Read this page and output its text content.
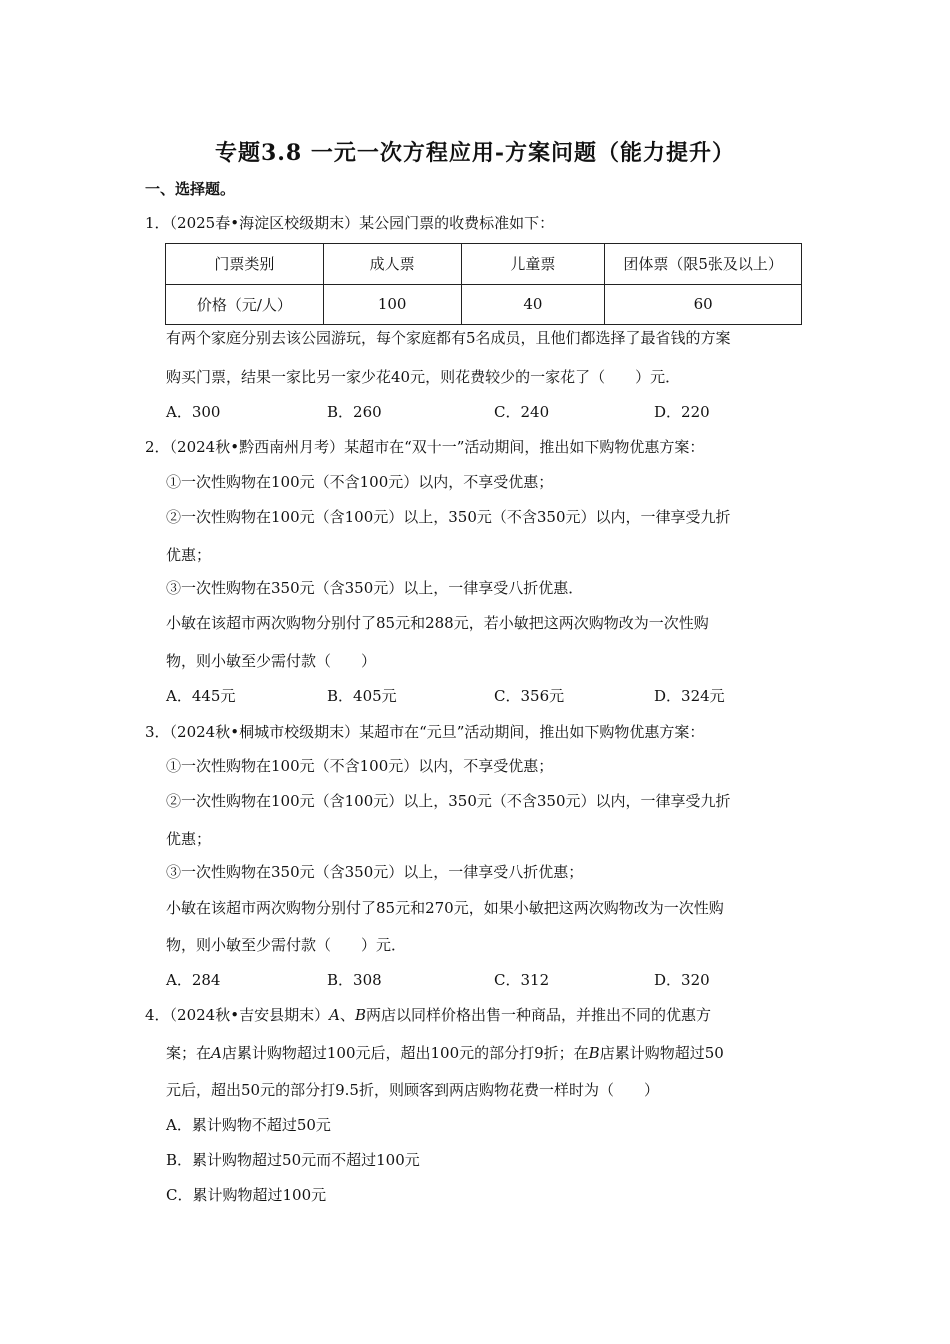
专题3.8 一元一次方程应用-方案问题（能力提升）
一、选择题。
1．（2025春•海淀区校级期末）某公园门票的收费标准如下：
门票类别	成人票	儿童票	团体票（限5张及以上）
价格（元/人）	100	40	60
有两个家庭分别去该公园游玩，每个家庭都有5名成员，且他们都选择了最省钱的方案
购买门票，结果一家比另一家少花40元，则花费较少的一家花了（　　）元．
A．300	B．260	C．240	D．220
2．（2024秋•黔西南州月考）某超市在“双十一”活动期间，推出如下购物优惠方案：
①一次性购物在100元（不含100元）以内，不享受优惠；
②一次性购物在100元（含100元）以上，350元（不含350元）以内，一律享受九折
优惠；
③一次性购物在350元（含350元）以上，一律享受八折优惠．
小敏在该超市两次购物分别付了85元和288元，若小敏把这两次购物改为一次性购
物，则小敏至少需付款（　　）
A．445元	B．405元	C．356元	D．324元
3．（2024秋•桐城市校级期末）某超市在“元旦”活动期间，推出如下购物优惠方案：
①一次性购物在100元（不含100元）以内，不享受优惠；
②一次性购物在100元（含100元）以上，350元（不含350元）以内，一律享受九折
优惠；
③一次性购物在350元（含350元）以上，一律享受八折优惠；
小敏在该超市两次购物分别付了85元和270元，如果小敏把这两次购物改为一次性购
物，则小敏至少需付款（　　）元．
A．284	B．308	C．312	D．320
4．（2024秋•吉安县期末）A、B两店以同样价格出售一种商品，并推出不同的优惠方
案；在A店累计购物超过100元后，超出100元的部分打9折；在B店累计购物超过50
元后，超出50元的部分打9.5折，则顾客到两店购物花费一样时为（　　）
A．累计购物不超过50元
B．累计购物超过50元而不超过100元
C．累计购物超过100元
